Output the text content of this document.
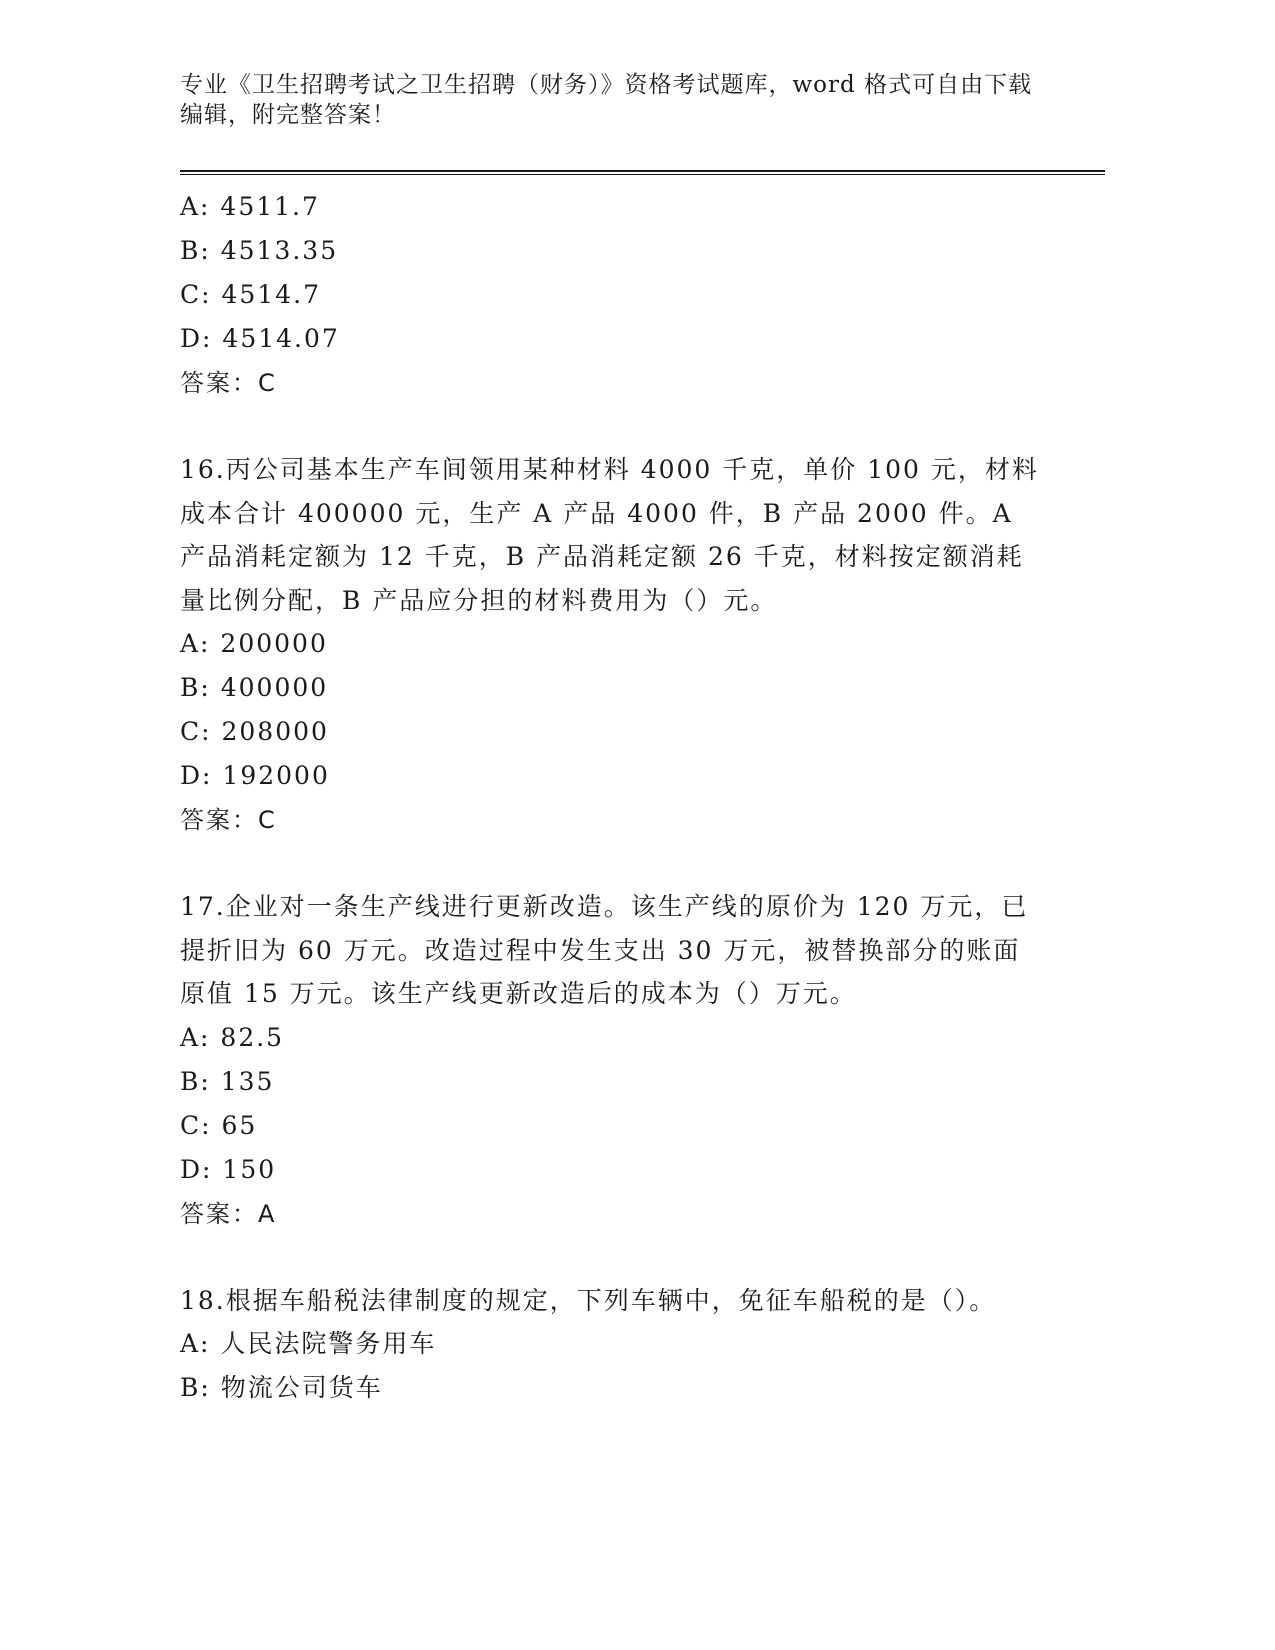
专业《卫生招聘考试之卫生招聘（财务）》资格考试题库，word 格式可自由下载编辑，附完整答案！
A: 4511.7
B: 4513.35
C: 4514.7
D: 4514.07
答案：C
16.丙公司基本生产车间领用某种材料 4000 千克，单价 100 元，材料成本合计 400000 元，生产 A 产品 4000 件，B 产品 2000 件。A 产品消耗定额为 12 千克，B 产品消耗定额 26 千克，材料按定额消耗量比例分配，B 产品应分担的材料费用为（）元。
A: 200000
B: 400000
C: 208000
D: 192000
答案：C
17.企业对一条生产线进行更新改造。该生产线的原价为 120 万元，已提折旧为 60 万元。改造过程中发生支出 30 万元，被替换部分的账面原值 15 万元。该生产线更新改造后的成本为（）万元。
A: 82.5
B: 135
C: 65
D: 150
答案：A
18.根据车船税法律制度的规定，下列车辆中，免征车船税的是（）。
A: 人民法院警务用车
B: 物流公司货车
